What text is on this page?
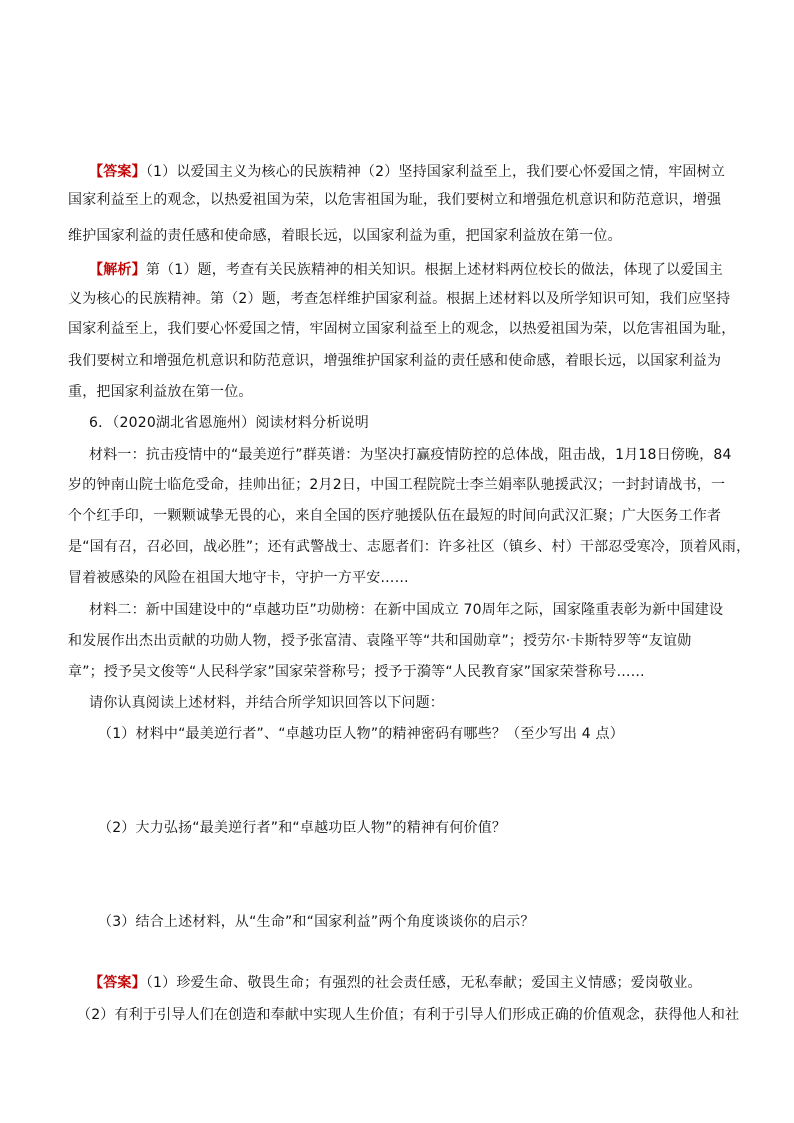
【答案】（1）以爱国主义为核心的民族精神（2）坚持国家利益至上，我们要心怀爱国之情，牢固树立
国家利益至上的观念，以热爱祖国为荣，以危害祖国为耻，我们要树立和增强危机意识和防范意识，增强
维护国家利益的责任感和使命感，着眼长远，以国家利益为重，把国家利益放在第一位。
【解析】第（1）题，考查有关民族精神的相关知识。根据上述材料两位校长的做法，体现了以爱国主
义为核心的民族精神。第（2）题，考查怎样维护国家利益。根据上述材料以及所学知识可知，我们应坚持
国家利益至上，我们要心怀爱国之情，牢固树立国家利益至上的观念，以热爱祖国为荣，以危害祖国为耻，
我们要树立和增强危机意识和防范意识，增强维护国家利益的责任感和使命感，着眼长远，以国家利益为
重，把国家利益放在第一位。
6．（2020湖北省恩施州）阅读材料分析说明
材料一：抗击疫情中的“最美逆行”群英谱：为坚决打赢疫情防控的总体战，阻击战，1月18日傍晚，84
岁的钟南山院士临危受命，挂帅出征；2月2日，中国工程院院士李兰娟率队驰援武汉；一封封请战书，一
个个红手印，一颗颗诚挚无畏的心，来自全国的医疗驰援队伍在最短的时间向武汉汇聚；广大医务工作者
是“国有召，召必回，战必胜”；还有武警战士、志愿者们：许多社区（镇乡、村）干部忍受寒冷，顶着风雨，
冒着被感染的风险在祖国大地守卡，守护一方平安……
材料二：新中国建设中的“卓越功臣”功勋榜：在新中国成立 70周年之际，国家隆重表彰为新中国建设
和发展作出杰出贡献的功勋人物，授予张富清、袁隆平等“共和国勋章”；授劳尔·卡斯特罗等“友谊勋
章”；授予吴文俊等“人民科学家”国家荣誉称号；授予于漪等“人民教育家”国家荣誉称号……
请你认真阅读上述材料，并结合所学知识回答以下问题：
（1）材料中“最美逆行者”、“卓越功臣人物”的精神密码有哪些？（至少写出 4 点）
（2）大力弘扬“最美逆行者”和“卓越功臣人物”的精神有何价值？
（3）结合上述材料，从“生命”和“国家利益”两个角度谈谈你的启示？
【答案】（1）珍爱生命、敬畏生命；有强烈的社会责任感，无私奉献；爱国主义情感；爱岗敬业。
（2）有利于引导人们在创造和奉献中实现人生价值；有利于引导人们形成正确的价值观念，获得他人和社
